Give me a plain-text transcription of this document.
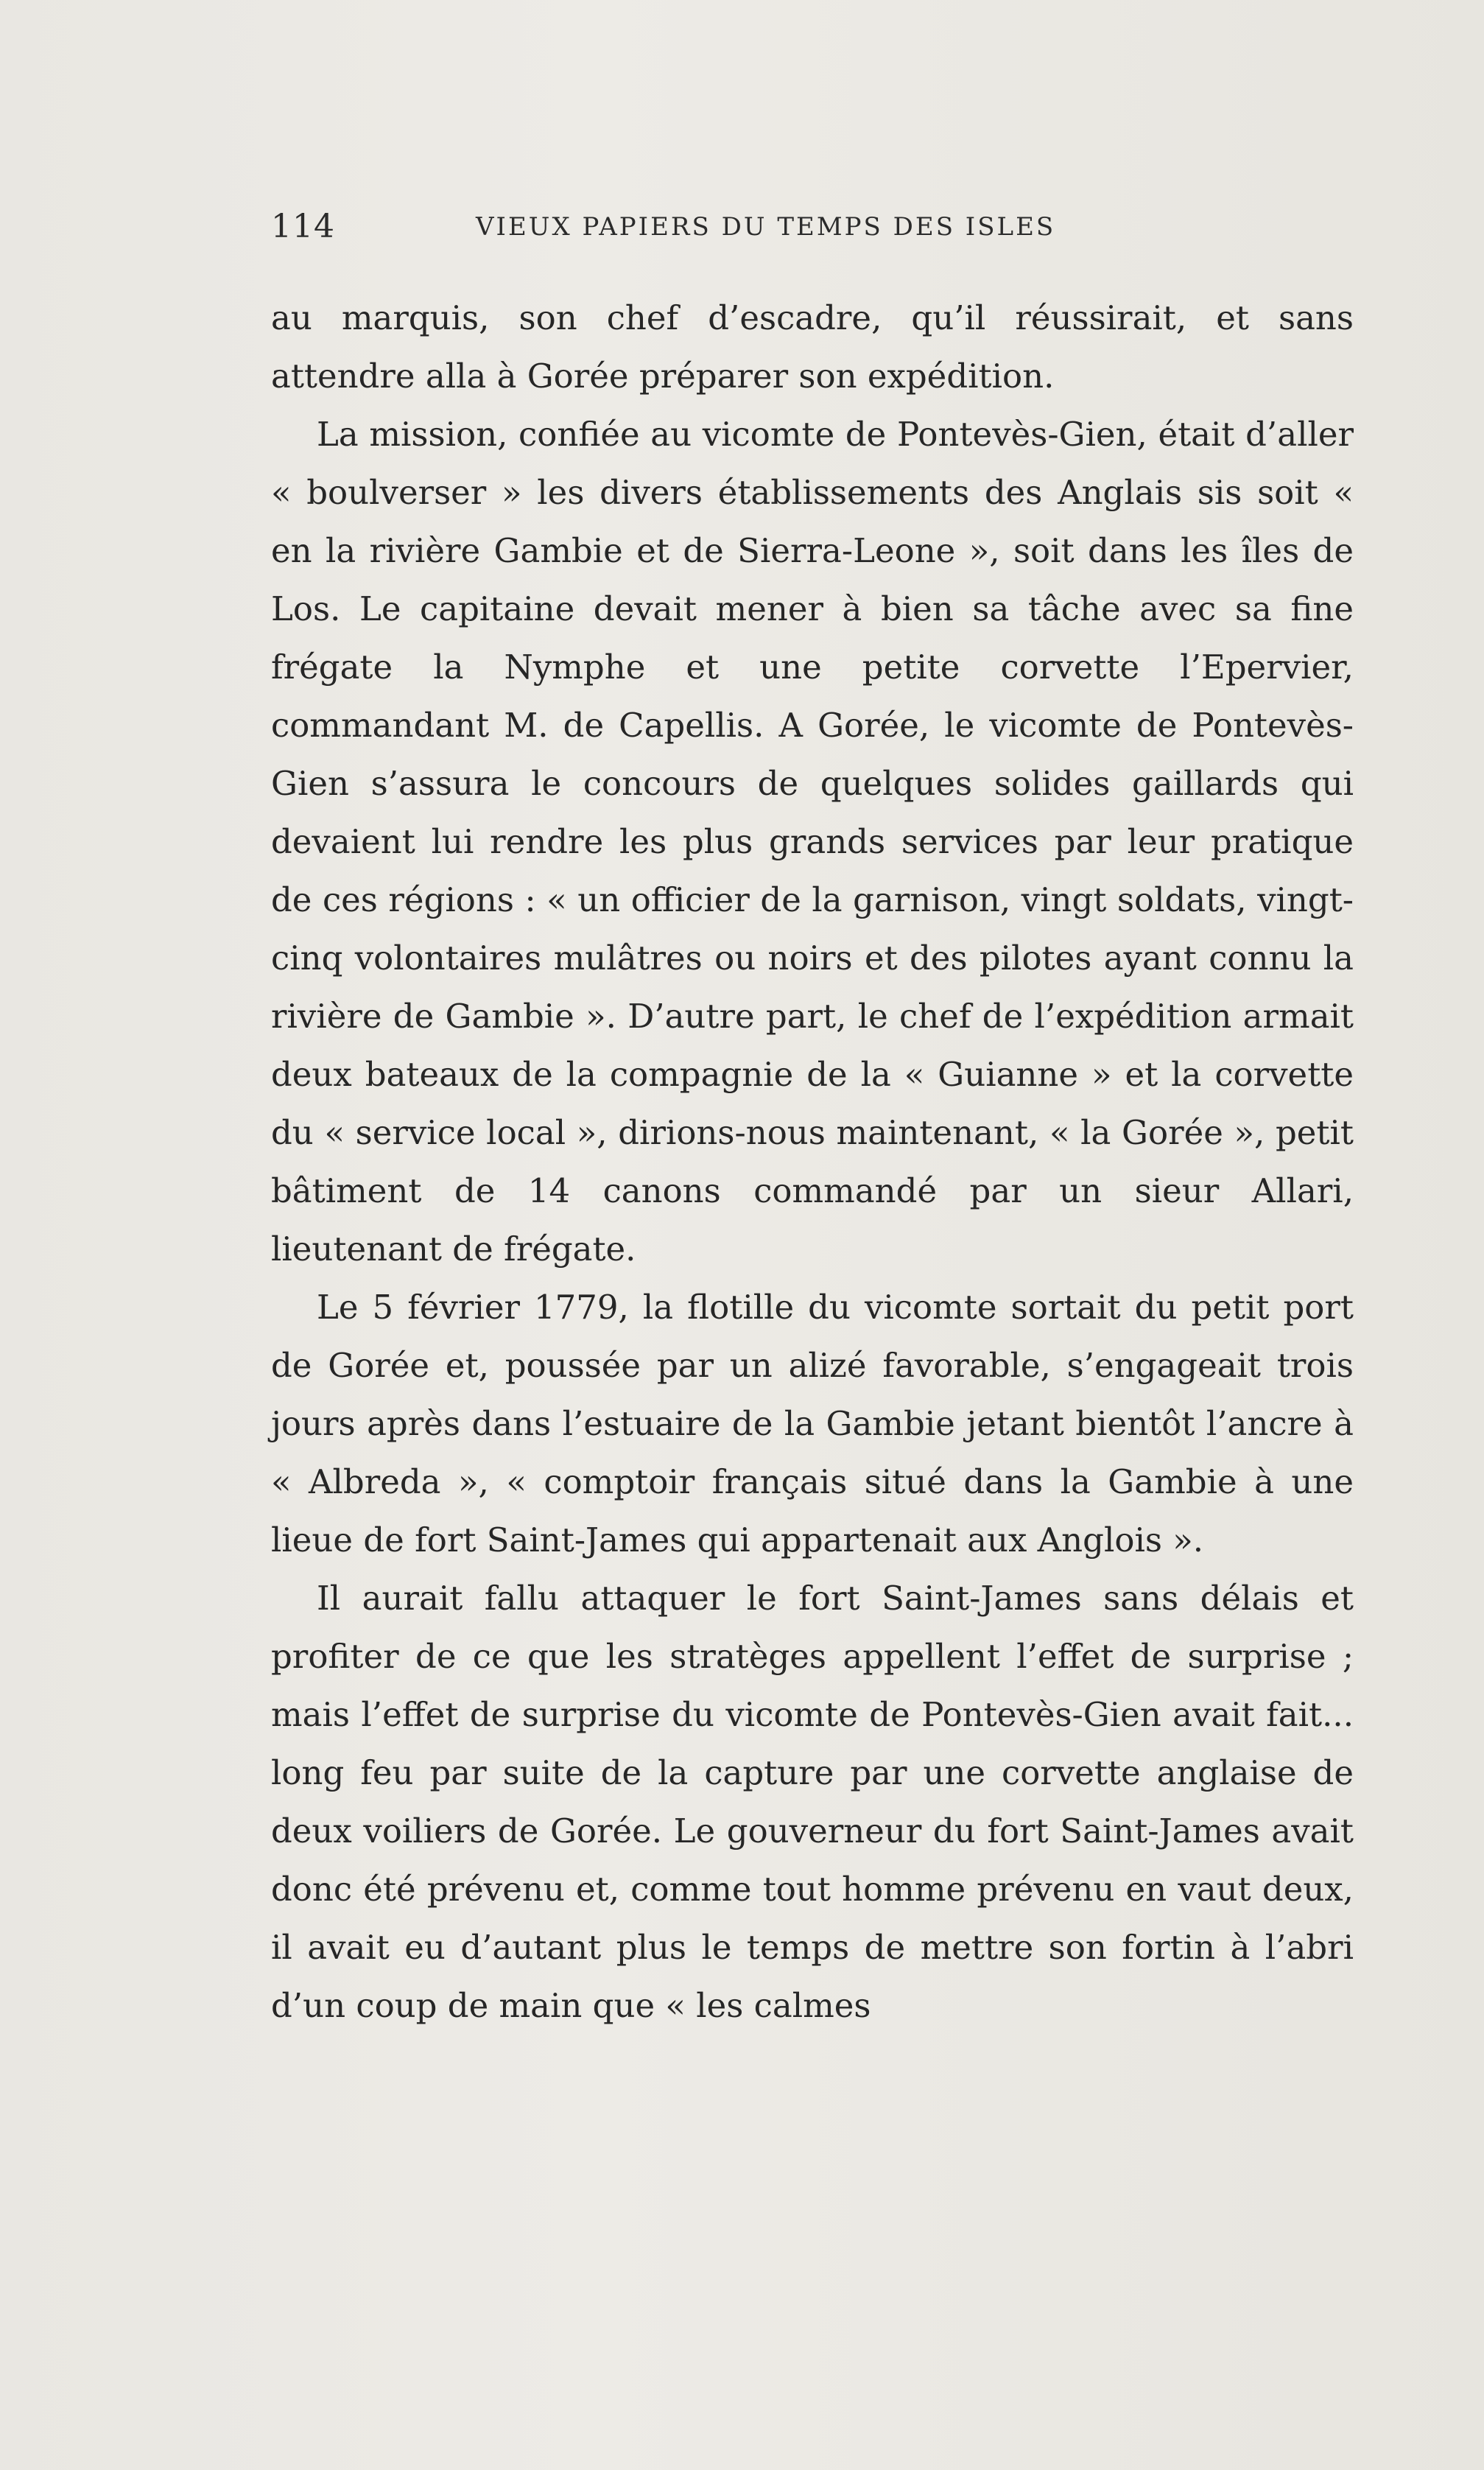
114	VIEUX PAPIERS DU TEMPS DES ISLES

au marquis, son chef d’escadre, qu’il réussirait, et sans attendre alla à Gorée préparer son expédition.

La mission, confiée au vicomte de Pontevès-Gien, était d’aller « boulverser » les divers établissements des Anglais sis soit « en la rivière Gambie et de Sierra-Leone », soit dans les îles de Los. Le capitaine devait mener à bien sa tâche avec sa fine frégate la Nymphe et une petite corvette l’Epervier, commandant M. de Capellis. A Gorée, le vicomte de Pontevès-Gien s’assura le concours de quelques solides gaillards qui devaient lui rendre les plus grands services par leur pratique de ces régions : « un officier de la garnison, vingt soldats, vingt-cinq volontaires mulâtres ou noirs et des pilotes ayant connu la rivière de Gambie ». D’autre part, le chef de l’expédition armait deux bateaux de la compagnie de la « Guianne » et la corvette du « service local », dirions-nous maintenant, « la Gorée », petit bâtiment de 14 canons commandé par un sieur Allari, lieutenant de frégate.

Le 5 février 1779, la flotille du vicomte sortait du petit port de Gorée et, poussée par un alizé favorable, s’engageait trois jours après dans l’estuaire de la Gambie jetant bientôt l’ancre à « Albreda », « comptoir français situé dans la Gambie à une lieue de fort Saint-James qui appartenait aux Anglois ».

Il aurait fallu attaquer le fort Saint-James sans délais et profiter de ce que les stratèges appellent l’effet de surprise ; mais l’effet de surprise du vicomte de Pontevès-Gien avait fait... long feu par suite de la capture par une corvette anglaise de deux voiliers de Gorée. Le gouverneur du fort Saint-James avait donc été prévenu et, comme tout homme prévenu en vaut deux, il avait eu d’autant plus le temps de mettre son fortin à l’abri d’un coup de main que « les calmes
